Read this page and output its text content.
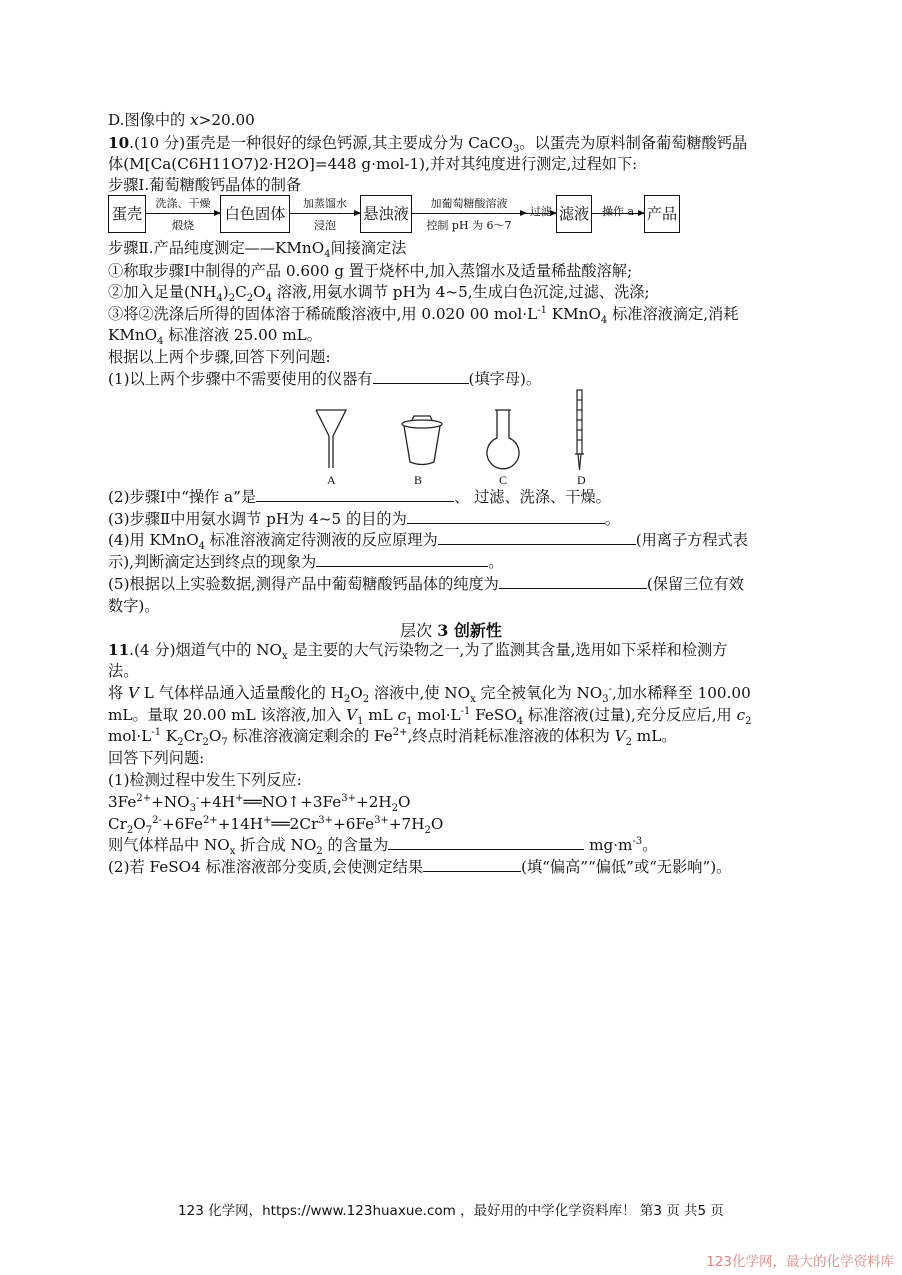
D.图像中的 x>20.00
10.(10 分)蛋壳是一种很好的绿色钙源,其主要成分为 CaCO$_3$。以蛋壳为原料制备葡萄糖酸钙晶
体(M[Ca(C6H11O7)2·H2O]=448 g·mol-1),并对其纯度进行测定,过程如下:
步骤Ⅰ.葡萄糖酸钙晶体的制备
蛋壳
洗涤、干燥
煅烧
白色固体
加蒸馏水
浸泡
悬浊液
加葡萄糖酸溶液
控制 pH 为 6～7
过滤 滤液	操作 a 产品
步骤Ⅱ.产品纯度测定——KMnO$_4$间接滴定法
①称取步骤Ⅰ中制得的产品 0.600 g 置于烧杯中,加入蒸馏水及适量稀盐酸溶解;
②加入足量$(NH_4)_2C_2O_4$ 溶液,用氨水调节 pH为 4~5,生成白色沉淀,过滤、洗涤;
③将②洗涤后所得的固体溶于稀硫酸溶液中,用 0.020 00 $mol\cdot L^{-1}$ KMnO$_4$ 标准溶液滴定,消耗
KMnO$_4$ 标准溶液 25.00 mL。
根据以上两个步骤,回答下列问题:
(1)以上两个步骤中不需要使用的仪器有	(填字母)。
A	B	C	D
(2)步骤Ⅰ中“操作 a”是	、 过滤、洗涤、干燥。
(3)步骤Ⅱ中用氨水调节 pH为 4~5 的目的为	。
(4)用 KMnO$_4$ 标准溶液滴定待测液的反应原理为	(用离子方程式表
示),判断滴定达到终点的现象为	。
(5)根据以上实验数据,测得产品中葡萄糖酸钙晶体的纯度为	(保留三位有效
数字)。
层次 3 创新性
11.(4 分)烟道气中的 $NO_x$ 是主要的大气污染物之一,为了监测其含量,选用如下采样和检测方
法。
将 V L 气体样品通入适量酸化的 $H_2O_2$ 溶液中,使 $NO_x$ 完全被氧化为 $NO_3^-$,加水稀释至 100.00
mL。量取 20.00 mL 该溶液,加入 $V_1$ mL $c_1$ $mol\cdot L^{-1}$ FeSO$_4$ 标准溶液(过量),充分反应后,用 $c_2$
$mol\cdot L^{-1}$ $K_2Cr_2O_7$ 标准溶液滴定剩余的 $Fe^{2+}$,终点时消耗标准溶液的体积为 $V_2$ mL。
回答下列问题:
(1)检测过程中发生下列反应:
$3Fe^{2+}+NO_3^-+4H^+══NO↑+3Fe^{3+}+2H_2O$
$Cr_2O_7^{2-}+6Fe^{2+}+14H^+══2Cr^{3+}+6Fe^{3+}+7H_2O$
则气体样品中 $NO_x$ 折合成 $NO_2$ 的含量为	$mg\cdot m^{-3}$。
(2)若 FeSO4 标准溶液部分变质,会使测定结果	(填“偏高”“偏低”或“无影响”)。
123 化学网，https://www.123huaxue.com ，最好用的中学化学资料库！ 第3 页 共5 页
123化学网，最大的化学资料库
